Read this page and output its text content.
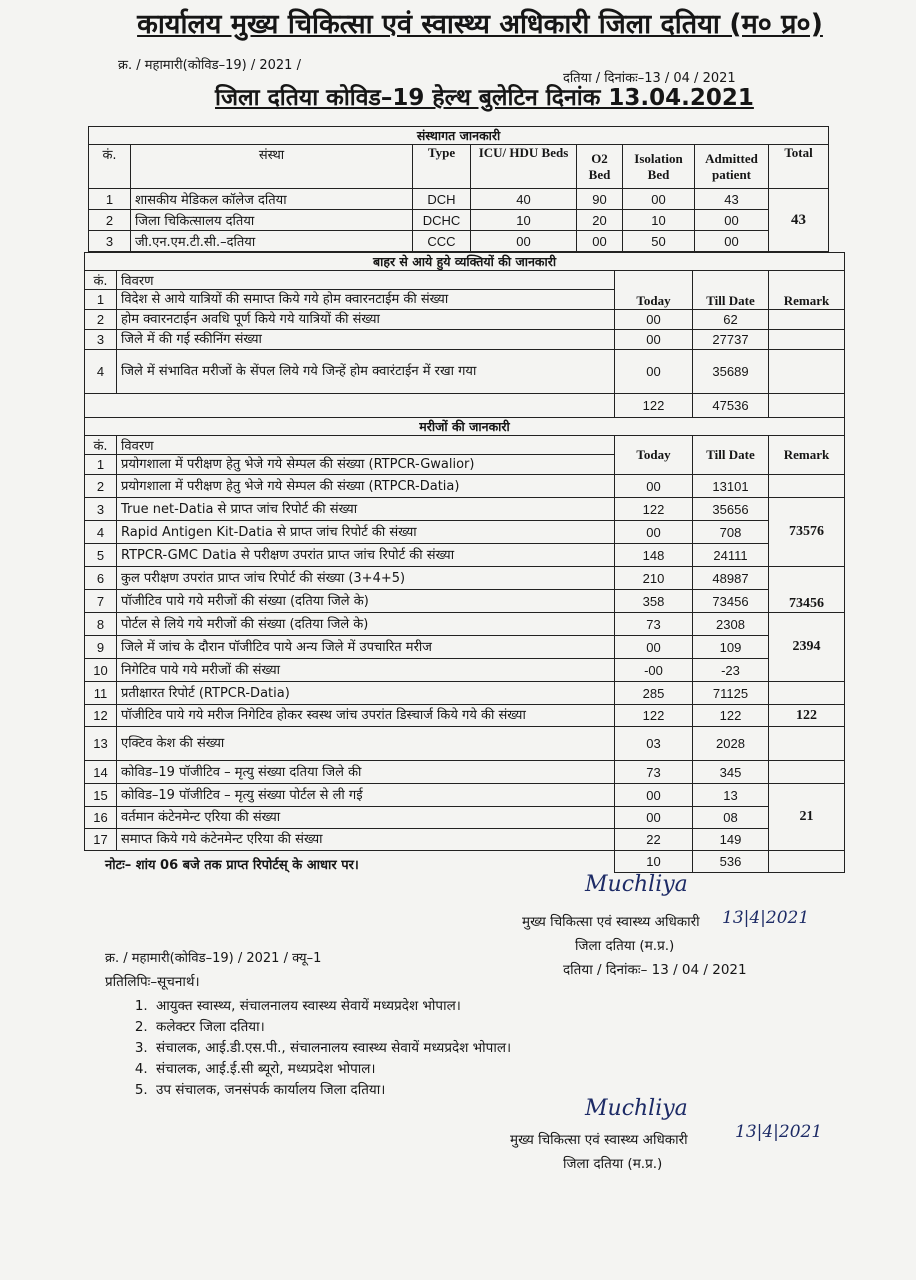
कार्यालय मुख्य चिकित्सा एवं स्वास्थ्य अधिकारी जिला दतिया (म० प्र०)
क्र. / महामारी(कोविड–19) / 2021 /
दतिया / दिनांकः–13 / 04 / 2021
जिला दतिया कोविड–19 हेल्थ बुलेटिन दिनांक 13.04.2021
संस्थागत जानकारी							
कं.	संस्था	Type	ICU/ HDU Beds	O2 Bed	Isolation Bed	Admitted patient	Total
1	शासकीय मेडिकल कॉलेज दतिया	DCH	40	90	00	43	43
2	जिला चिकित्सालय दतिया	DCHC	10	20	10	00	
3	जी.एन.एम.टी.सी.–दतिया	CCC	00	00	50	00	
बाहर से आये हुये व्यक्तियों की जानकारी				
कं.	विवरण	Today	Till Date	Remark
1	विदेश से आये यात्रियों की समाप्त किये गये होम क्वारनटाईम की संख्या			
2	होम क्वारनटाईन अवधि पूर्ण किये गये यात्रियों की संख्या	00	62	
3	जिले में की गई स्कीनिंग संख्या	00	27737	
4	जिले में संभावित मरीजों के सेंपल लिये गये जिन्हें होम क्वारंटाईन में रखा गया	00	35689	
		122	47536	
मरीजों की जानकारी				
कं.	विवरण	Today	Till Date	Remark
1	प्रयोगशाला में परीक्षण हेतु भेजे गये सेम्पल की संख्या (RTPCR-Gwalior)			
2	प्रयोगशाला में परीक्षण हेतु भेजे गये सेम्पल की संख्या (RTPCR-Datia)	00	13101	
3	True net-Datia से प्राप्त जांच रिपोर्ट की संख्या	122	35656	73576
4	Rapid Antigen Kit-Datia से प्राप्त जांच रिपोर्ट की संख्या	00	708	
5	RTPCR-GMC Datia से परीक्षण उपरांत प्राप्त जांच रिपोर्ट की संख्या	148	24111	
6	कुल परीक्षण उपरांत प्राप्त जांच रिपोर्ट की संख्या (3+4+5)	210	48987	73456
7	पॉजीटिव पाये गये मरीजों की संख्या (दतिया जिले के)	358	73456	
8	पोर्टल से लिये गये मरीजों की संख्या (दतिया जिले के)	73	2308	2394
9	जिले में जांच के दौरान पॉजीटिव पाये अन्य जिले में उपचारित मरीज	00	109	
10	निगेटिव पाये गये मरीजों की संख्या	-00	-23	
11	प्रतीक्षारत रिपोर्ट (RTPCR-Datia)	285	71125	
12	पॉजीटिव पाये गये मरीज निगेटिव होकर स्वस्थ जांच उपरांत डिस्चार्ज किये गये की संख्या	122	122	122
13	एक्टिव केश की संख्या	03	2028	
14	कोविड–19 पॉजीटिव – मृत्यु संख्या दतिया जिले की	73	345	
15	कोविड–19 पॉजीटिव – मृत्यु संख्या पोर्टल से ली गई	00	13	21
16	वर्तमान कंटेनमेन्ट एरिया की संख्या	00	08	
17	समाप्त किये गये कंटेनमेन्ट एरिया की संख्या	22	149	
		10	536	
नोटः– शांय 06 बजे तक प्राप्त रिपोर्टस् के आधार पर।
Muchliya
13|4|2021
मुख्य चिकित्सा एवं स्वास्थ्य अधिकारी
जिला दतिया (म.प्र.)
दतिया / दिनांकः– 13 / 04 / 2021
क्र. / महामारी(कोविड–19) / 2021 / क्यू–1
प्रतिलिपिः–सूचनार्थ।
1. आयुक्त स्वास्थ्य, संचालनालय स्वास्थ्य सेवायें मध्यप्रदेश भोपाल।
2. कलेक्टर जिला दतिया।
3. संचालक, आई.डी.एस.पी., संचालनालय स्वास्थ्य सेवायें मध्यप्रदेश भोपाल।
4. संचालक, आई.ई.सी ब्यूरो, मध्यप्रदेश भोपाल।
5. उप संचालक, जनसंपर्क कार्यालय जिला दतिया।
Muchliya
13|4|2021
मुख्य चिकित्सा एवं स्वास्थ्य अधिकारी
जिला दतिया (म.प्र.)
